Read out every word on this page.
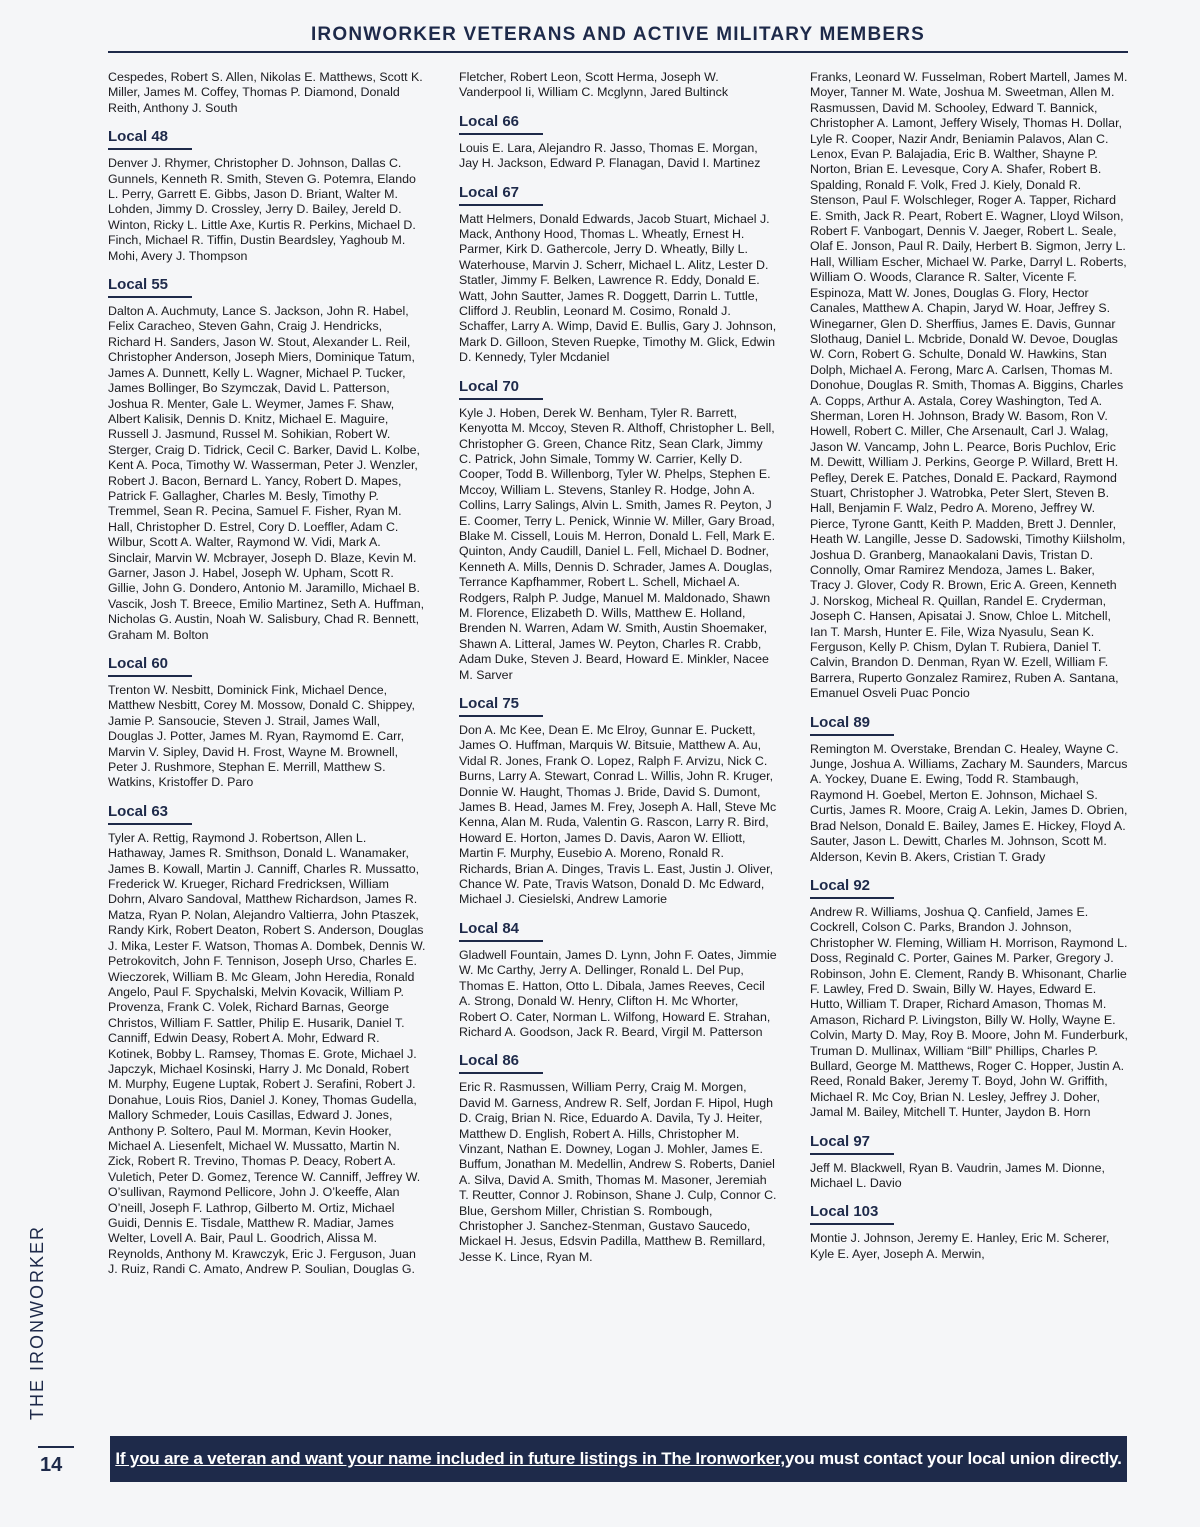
IRONWORKER VETERANS AND ACTIVE MILITARY MEMBERS

Cespedes, Robert S. Allen, Nikolas E. Matthews, Scott K. Miller, James M. Coffey, Thomas P. Diamond, Donald Reith, Anthony J. South

Local 48

Denver J. Rhymer, Christopher D. Johnson, Dallas C. Gunnels, Kenneth R. Smith, Steven G. Potemra, Elando L. Perry, Garrett E. Gibbs, Jason D. Briant, Walter M. Lohden, Jimmy D. Crossley, Jerry D. Bailey, Jereld D. Winton, Ricky L. Little Axe, Kurtis R. Perkins, Michael D. Finch, Michael R. Tiffin, Dustin Beardsley, Yaghoub M. Mohi, Avery J. Thompson

Local 55

Dalton A. Auchmuty, Lance S. Jackson, John R. Habel, Felix Caracheo, Steven Gahn, Craig J. Hendricks, Richard H. Sanders, Jason W. Stout, Alexander L. Reil, Christopher Anderson, Joseph Miers, Dominique Tatum, James A. Dunnett, Kelly L. Wagner, Michael P. Tucker, James Bollinger, Bo Szymczak, David L. Patterson, Joshua R. Menter, Gale L. Weymer, James F. Shaw, Albert Kalisik, Dennis D. Knitz, Michael E. Maguire, Russell J. Jasmund, Russel M. Sohikian, Robert W. Sterger, Craig D. Tidrick, Cecil C. Barker, David L. Kolbe, Kent A. Poca, Timothy W. Wasserman, Peter J. Wenzler, Robert J. Bacon, Bernard L. Yancy, Robert D. Mapes, Patrick F. Gallagher, Charles M. Besly, Timothy P. Tremmel, Sean R. Pecina, Samuel F. Fisher, Ryan M. Hall, Christopher D. Estrel, Cory D. Loeffler, Adam C. Wilbur, Scott A. Walter, Raymond W. Vidi, Mark A. Sinclair, Marvin W. Mcbrayer, Joseph D. Blaze, Kevin M. Garner, Jason J. Habel, Joseph W. Upham, Scott R. Gillie, John G. Dondero, Antonio M. Jaramillo, Michael B. Vascik, Josh T. Breece, Emilio Martinez, Seth A. Huffman, Nicholas G. Austin, Noah W. Salisbury, Chad R. Bennett, Graham M. Bolton

Local 60

Trenton W. Nesbitt, Dominick Fink, Michael Dence, Matthew Nesbitt, Corey M. Mossow, Donald C. Shippey, Jamie P. Sansoucie, Steven J. Strail, James Wall, Douglas J. Potter, James M. Ryan, Raymomd E. Carr, Marvin V. Sipley, David H. Frost, Wayne M. Brownell, Peter J. Rushmore, Stephan E. Merrill, Matthew S. Watkins, Kristoffer D. Paro

Local 63

Tyler A. Rettig, Raymond J. Robertson, Allen L. Hathaway, James R. Smithson, Donald L. Wanamaker, James B. Kowall, Martin J. Canniff, Charles R. Mussatto, Frederick W. Krueger, Richard Fredricksen, William Dohrn, Alvaro Sandoval, Matthew Richardson, James R. Matza, Ryan P. Nolan, Alejandro Valtierra, John Ptaszek, Randy Kirk, Robert Deaton, Robert S. Anderson, Douglas J. Mika, Lester F. Watson, Thomas A. Dombek, Dennis W. Petrokovitch, John F. Tennison, Joseph Urso, Charles E. Wieczorek, William B. Mc Gleam, John Heredia, Ronald Angelo, Paul F. Spychalski, Melvin Kovacik, William P. Provenza, Frank C. Volek, Richard Barnas, George Christos, William F. Sattler, Philip E. Husarik, Daniel T. Canniff, Edwin Deasy, Robert A. Mohr, Edward R. Kotinek, Bobby L. Ramsey, Thomas E. Grote, Michael J. Japczyk, Michael Kosinski, Harry J. Mc Donald, Robert M. Murphy, Eugene Luptak, Robert J. Serafini, Robert J. Donahue, Louis Rios, Daniel J. Koney, Thomas Gudella, Mallory Schmeder, Louis Casillas, Edward J. Jones, Anthony P. Soltero, Paul M. Morman, Kevin Hooker, Michael A. Liesenfelt, Michael W. Mussatto, Martin N. Zick, Robert R. Trevino, Thomas P. Deacy, Robert A. Vuletich, Peter D. Gomez, Terence W. Canniff, Jeffrey W. O’sullivan, Raymond Pellicore, John J. O’keeffe, Alan O’neill, Joseph F. Lathrop, Gilberto M. Ortiz, Michael Guidi, Dennis E. Tisdale, Matthew R. Madiar, James Welter, Lovell A. Bair, Paul L. Goodrich, Alissa M. Reynolds, Anthony M. Krawczyk, Eric J. Ferguson, Juan J. Ruiz, Randi C. Amato, Andrew P. Soulian, Douglas G.

Fletcher, Robert Leon, Scott Herma, Joseph W. Vanderpool Ii, William C. Mcglynn, Jared Bultinck

Local 66

Louis E. Lara, Alejandro R. Jasso, Thomas E. Morgan, Jay H. Jackson, Edward P. Flanagan, David I. Martinez

Local 67

Matt Helmers, Donald Edwards, Jacob Stuart, Michael J. Mack, Anthony Hood, Thomas L. Wheatly, Ernest H. Parmer, Kirk D. Gathercole, Jerry D. Wheatly, Billy L. Waterhouse, Marvin J. Scherr, Michael L. Alitz, Lester D. Statler, Jimmy F. Belken, Lawrence R. Eddy, Donald E. Watt, John Sautter, James R. Doggett, Darrin L. Tuttle, Clifford J. Reublin, Leonard M. Cosimo, Ronald J. Schaffer, Larry A. Wimp, David E. Bullis, Gary J. Johnson, Mark D. Gilloon, Steven Ruepke, Timothy M. Glick, Edwin D. Kennedy, Tyler Mcdaniel

Local 70

Kyle J. Hoben, Derek W. Benham, Tyler R. Barrett, Kenyotta M. Mccoy, Steven R. Althoff, Christopher L. Bell, Christopher G. Green, Chance Ritz, Sean Clark, Jimmy C. Patrick, John Simale, Tommy W. Carrier, Kelly D. Cooper, Todd B. Willenborg, Tyler W. Phelps, Stephen E. Mccoy, William L. Stevens, Stanley R. Hodge, John A. Collins, Larry Salings, Alvin L. Smith, James R. Peyton, J E. Coomer, Terry L. Penick, Winnie W. Miller, Gary Broad, Blake M. Cissell, Louis M. Herron, Donald L. Fell, Mark E. Quinton, Andy Caudill, Daniel L. Fell, Michael D. Bodner, Kenneth A. Mills, Dennis D. Schrader, James A. Douglas, Terrance Kapfhammer, Robert L. Schell, Michael A. Rodgers, Ralph P. Judge, Manuel M. Maldonado, Shawn M. Florence, Elizabeth D. Wills, Matthew E. Holland, Brenden N. Warren, Adam W. Smith, Austin Shoemaker, Shawn A. Litteral, James W. Peyton, Charles R. Crabb, Adam Duke, Steven J. Beard, Howard E. Minkler, Nacee M. Sarver

Local 75

Don A. Mc Kee, Dean E. Mc Elroy, Gunnar E. Puckett, James O. Huffman, Marquis W. Bitsuie, Matthew A. Au, Vidal R. Jones, Frank O. Lopez, Ralph F. Arvizu, Nick C. Burns, Larry A. Stewart, Conrad L. Willis, John R. Kruger, Donnie W. Haught, Thomas J. Bride, David S. Dumont, James B. Head, James M. Frey, Joseph A. Hall, Steve Mc Kenna, Alan M. Ruda, Valentin G. Rascon, Larry R. Bird, Howard E. Horton, James D. Davis, Aaron W. Elliott, Martin F. Murphy, Eusebio A. Moreno, Ronald R. Richards, Brian A. Dinges, Travis L. East, Justin J. Oliver, Chance W. Pate, Travis Watson, Donald D. Mc Edward, Michael J. Ciesielski, Andrew Lamorie

Local 84

Gladwell Fountain, James D. Lynn, John F. Oates, Jimmie W. Mc Carthy, Jerry A. Dellinger, Ronald L. Del Pup, Thomas E. Hatton, Otto L. Dibala, James Reeves, Cecil A. Strong, Donald W. Henry, Clifton H. Mc Whorter, Robert O. Cater, Norman L. Wilfong, Howard E. Strahan, Richard A. Goodson, Jack R. Beard, Virgil M. Patterson

Local 86

Eric R. Rasmussen, William Perry, Craig M. Morgen, David M. Garness, Andrew R. Self, Jordan F. Hipol, Hugh D. Craig, Brian N. Rice, Eduardo A. Davila, Ty J. Heiter, Matthew D. English, Robert A. Hills, Christopher M. Vinzant, Nathan E. Downey, Logan J. Mohler, James E. Buffum, Jonathan M. Medellin, Andrew S. Roberts, Daniel A. Silva, David A. Smith, Thomas M. Masoner, Jeremiah T. Reutter, Connor J. Robinson, Shane J. Culp, Connor C. Blue, Gershom Miller, Christian S. Rombough, Christopher J. Sanchez-Stenman, Gustavo Saucedo, Mickael H. Jesus, Edsvin Padilla, Matthew B. Remillard, Jesse K. Lince, Ryan M.

Franks, Leonard W. Fusselman, Robert Martell, James M. Moyer, Tanner M. Wate, Joshua M. Sweetman, Allen M. Rasmussen, David M. Schooley, Edward T. Bannick, Christopher A. Lamont, Jeffery Wisely, Thomas H. Dollar, Lyle R. Cooper, Nazir Andr, Beniamin Palavos, Alan C. Lenox, Evan P. Balajadia, Eric B. Walther, Shayne P. Norton, Brian E. Levesque, Cory A. Shafer, Robert B. Spalding, Ronald F. Volk, Fred J. Kiely, Donald R. Stenson, Paul F. Wolschleger, Roger A. Tapper, Richard E. Smith, Jack R. Peart, Robert E. Wagner, Lloyd Wilson, Robert F. Vanbogart, Dennis V. Jaeger, Robert L. Seale, Olaf E. Jonson, Paul R. Daily, Herbert B. Sigmon, Jerry L. Hall, William Escher, Michael W. Parke, Darryl L. Roberts, William O. Woods, Clarance R. Salter, Vicente F. Espinoza, Matt W. Jones, Douglas G. Flory, Hector Canales, Matthew A. Chapin, Jaryd W. Hoar, Jeffrey S. Winegarner, Glen D. Sherffius, James E. Davis, Gunnar Slothaug, Daniel L. Mcbride, Donald W. Devoe, Douglas W. Corn, Robert G. Schulte, Donald W. Hawkins, Stan Dolph, Michael A. Ferong, Marc A. Carlsen, Thomas M. Donohue, Douglas R. Smith, Thomas A. Biggins, Charles A. Copps, Arthur A. Astala, Corey Washington, Ted A. Sherman, Loren H. Johnson, Brady W. Basom, Ron V. Howell, Robert C. Miller, Che Arsenault, Carl J. Walag, Jason W. Vancamp, John L. Pearce, Boris Puchlov, Eric M. Dewitt, William J. Perkins, George P. Willard, Brett H. Pefley, Derek E. Patches, Donald E. Packard, Raymond Stuart, Christopher J. Watrobka, Peter Slert, Steven B. Hall, Benjamin F. Walz, Pedro A. Moreno, Jeffrey W. Pierce, Tyrone Gantt, Keith P. Madden, Brett J. Dennler, Heath W. Langille, Jesse D. Sadowski, Timothy Kiilsholm, Joshua D. Granberg, Manaokalani Davis, Tristan D. Connolly, Omar Ramirez Mendoza, James L. Baker, Tracy J. Glover, Cody R. Brown, Eric A. Green, Kenneth J. Norskog, Micheal R. Quillan, Randel E. Cryderman, Joseph C. Hansen, Apisatai J. Snow, Chloe L. Mitchell, Ian T. Marsh, Hunter E. File, Wiza Nyasulu, Sean K. Ferguson, Kelly P. Chism, Dylan T. Rubiera, Daniel T. Calvin, Brandon D. Denman, Ryan W. Ezell, William F. Barrera, Ruperto Gonzalez Ramirez, Ruben A. Santana, Emanuel Osveli Puac Poncio

Local 89

Remington M. Overstake, Brendan C. Healey, Wayne C. Junge, Joshua A. Williams, Zachary M. Saunders, Marcus A. Yockey, Duane E. Ewing, Todd R. Stambaugh, Raymond H. Goebel, Merton E. Johnson, Michael S. Curtis, James R. Moore, Craig A. Lekin, James D. Obrien, Brad Nelson, Donald E. Bailey, James E. Hickey, Floyd A. Sauter, Jason L. Dewitt, Charles M. Johnson, Scott M. Alderson, Kevin B. Akers, Cristian T. Grady

Local 92

Andrew R. Williams, Joshua Q. Canfield, James E. Cockrell, Colson C. Parks, Brandon J. Johnson, Christopher W. Fleming, William H. Morrison, Raymond L. Doss, Reginald C. Porter, Gaines M. Parker, Gregory J. Robinson, John E. Clement, Randy B. Whisonant, Charlie F. Lawley, Fred D. Swain, Billy W. Hayes, Edward E. Hutto, William T. Draper, Richard Amason, Thomas M. Amason, Richard P. Livingston, Billy W. Holly, Wayne E. Colvin, Marty D. May, Roy B. Moore, John M. Funderburk, Truman D. Mullinax, William “Bill” Phillips, Charles P. Bullard, George M. Matthews, Roger C. Hopper, Justin A. Reed, Ronald Baker, Jeremy T. Boyd, John W. Griffith, Michael R. Mc Coy, Brian N. Lesley, Jeffrey J. Doher, Jamal M. Bailey, Mitchell T. Hunter, Jaydon B. Horn

Local 97

Jeff M. Blackwell, Ryan B. Vaudrin, James M. Dionne, Michael L. Davio

Local 103

Montie J. Johnson, Jeremy E. Hanley, Eric M. Scherer, Kyle E. Ayer, Joseph A. Merwin,

THE IRONWORKER
14	If you are a veteran and want your name included in future listings in The Ironworker, you must contact your local union directly.
